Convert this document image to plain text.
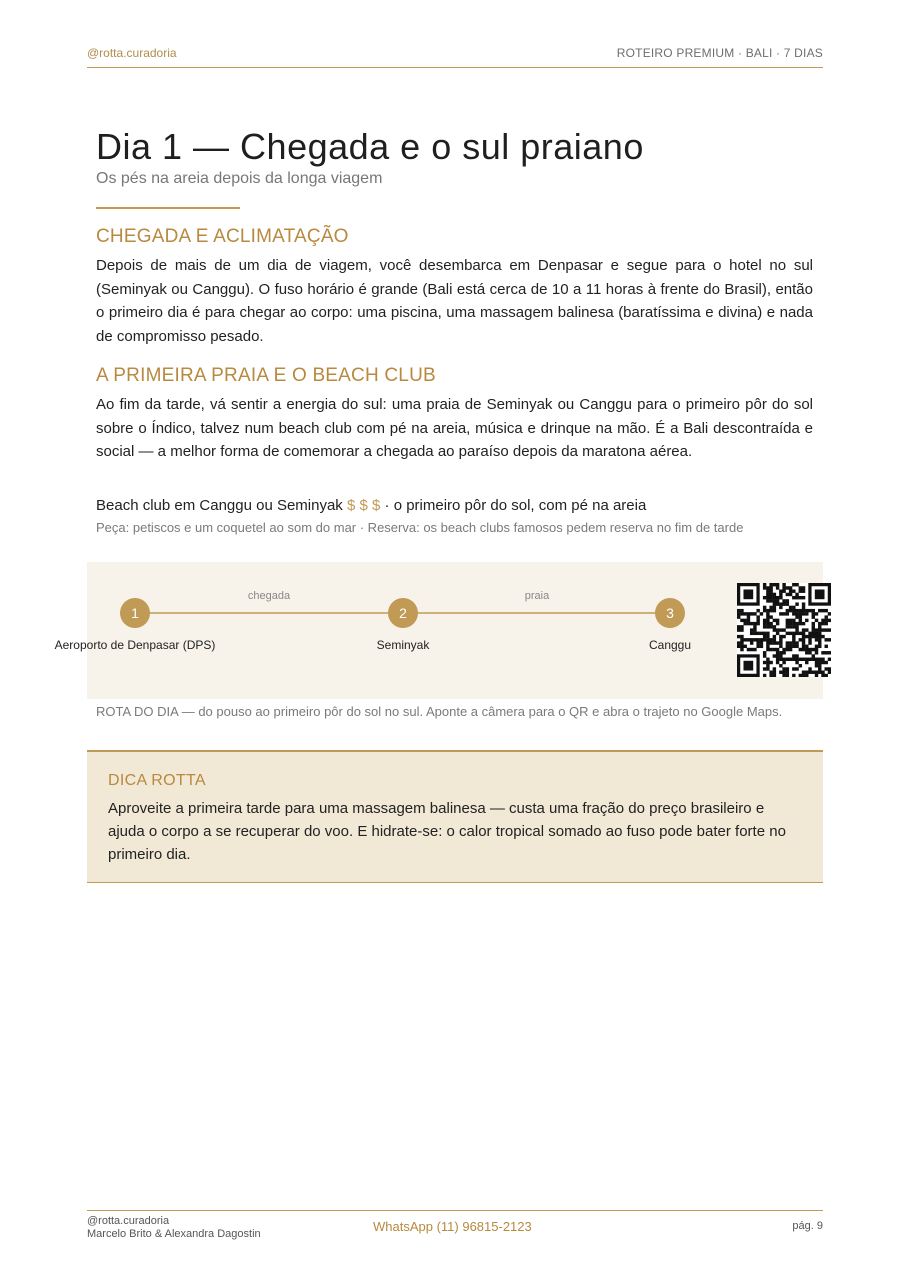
@rotta.curadoria	ROTEIRO PREMIUM · BALI · 7 DIAS
Dia 1 — Chegada e o sul praiano
Os pés na areia depois da longa viagem
CHEGADA E ACLIMATAÇÃO

Depois de mais de um dia de viagem, você desembarca em Denpasar e segue para o hotel no sul (Seminyak ou Canggu). O fuso horário é grande (Bali está cerca de 10 a 11 horas à frente do Brasil), então o primeiro dia é para chegar ao corpo: uma piscina, uma massagem balinesa (baratíssima e divina) e nada de compromisso pesado.

A PRIMEIRA PRAIA E O BEACH CLUB

Ao fim da tarde, vá sentir a energia do sul: uma praia de Seminyak ou Canggu para o primeiro pôr do sol sobre o Índico, talvez num beach club com pé na areia, música e drinque na mão. É a Bali descontraída e social — a melhor forma de comemorar a chegada ao paraíso depois da maratona aérea.

Beach club em Canggu ou Seminyak $ $ $ · o primeiro pôr do sol, com pé na areia
Peça: petiscos e um coquetel ao som do mar · Reserva: os beach clubs famosos pedem reserva no fim de tarde
1	2	3
chegada	praia
Aeroporto de Denpasar (DPS)	Seminyak	Canggu
ROTA DO DIA — do pouso ao primeiro pôr do sol no sul. Aponte a câmera para o QR e abra o trajeto no Google Maps.
DICA ROTTA

Aproveite a primeira tarde para uma massagem balinesa — custa uma fração do preço brasileiro e ajuda o corpo a se recuperar do voo. E hidrate-se: o calor tropical somado ao fuso pode bater forte no primeiro dia.

@rotta.curadoria
Marcelo Brito & Alexandra Dagostin	WhatsApp (11) 96815-2123	pág. 9
